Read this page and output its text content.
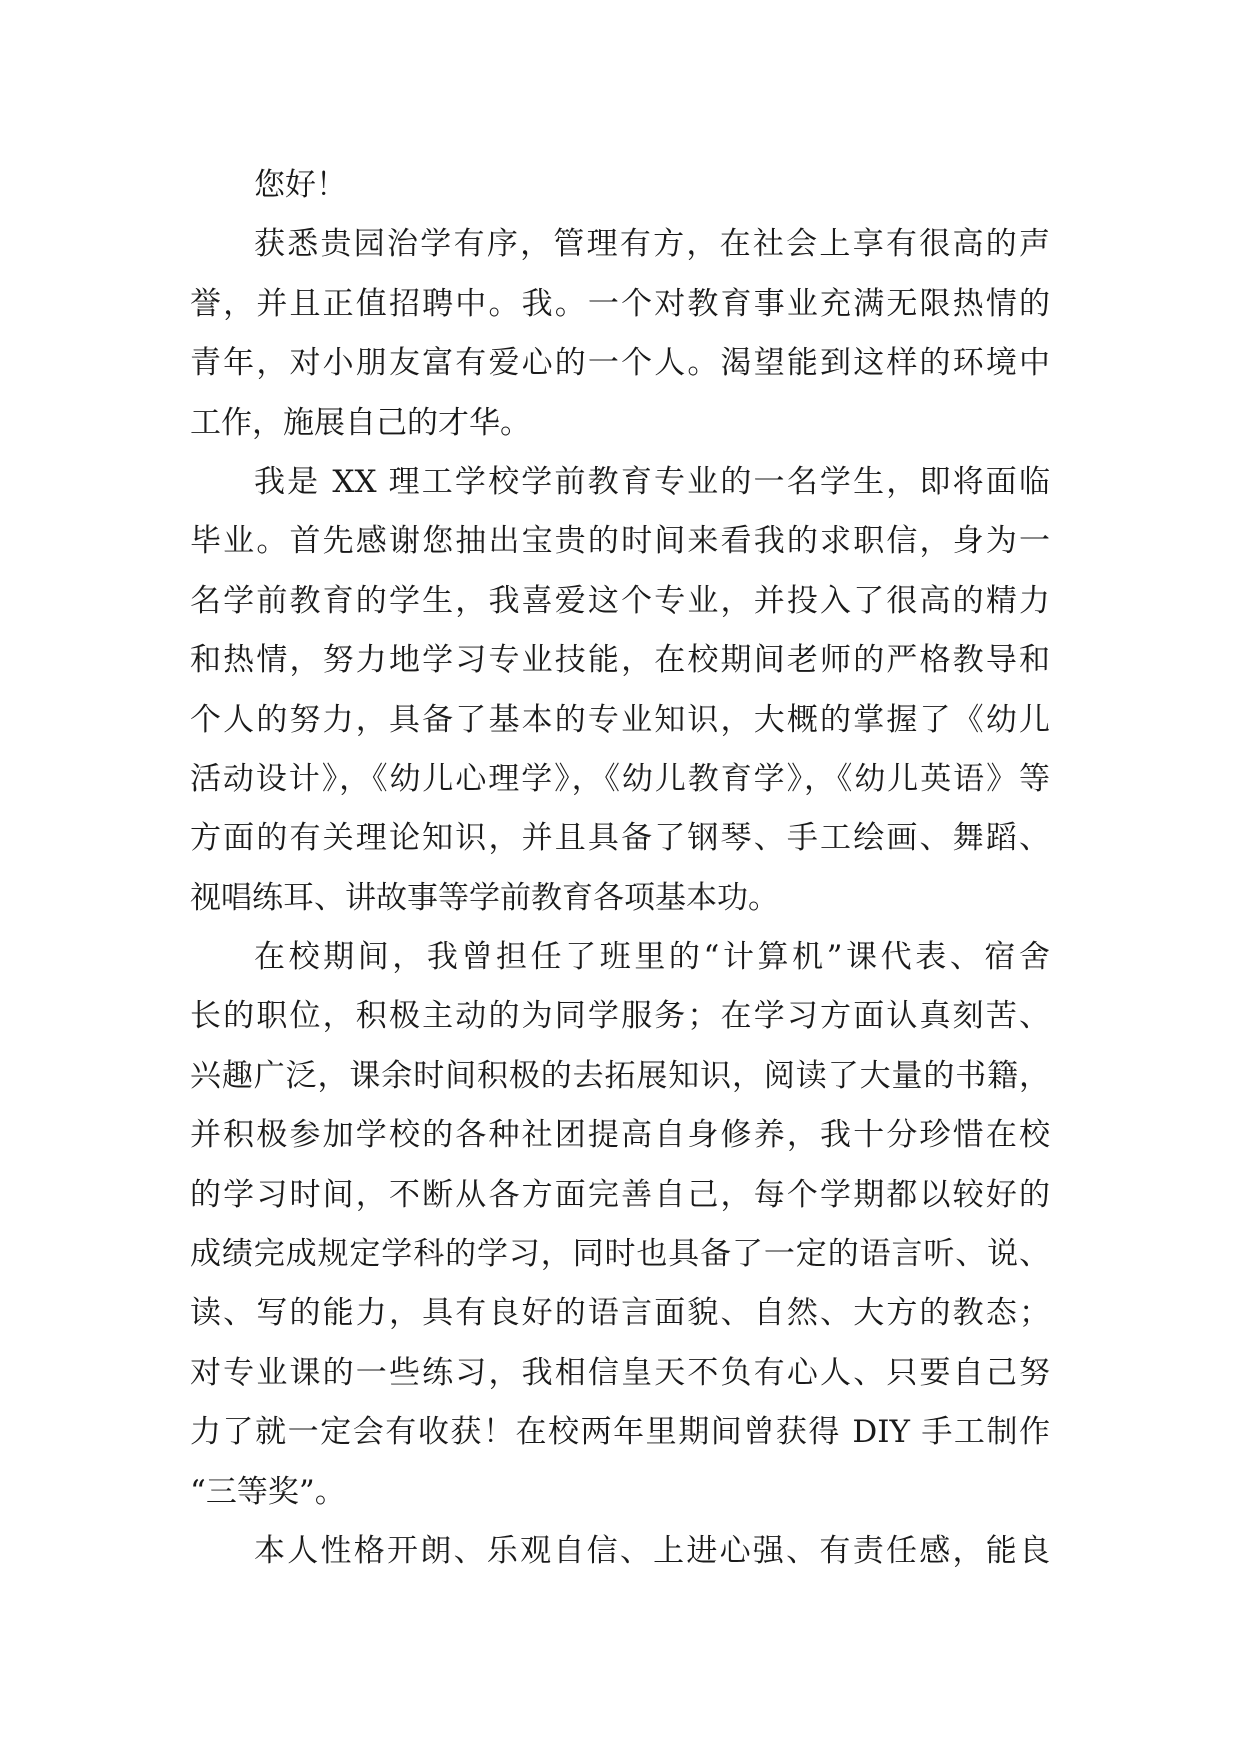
您好！
获悉贵园治学有序，管理有方，在社会上享有很高的声
誉，并且正值招聘中。我。一个对教育事业充满无限热情的
青年，对小朋友富有爱心的一个人。渴望能到这样的环境中
工作，施展自己的才华。
我是 XX 理工学校学前教育专业的一名学生，即将面临
毕业。首先感谢您抽出宝贵的时间来看我的求职信，身为一
名学前教育的学生，我喜爱这个专业，并投入了很高的精力
和热情，努力地学习专业技能，在校期间老师的严格教导和
个人的努力，具备了基本的专业知识，大概的掌握了《幼儿
活动设计》，《幼儿心理学》，《幼儿教育学》，《幼儿英语》等
方面的有关理论知识，并且具备了钢琴、手工绘画、舞蹈、
视唱练耳、讲故事等学前教育各项基本功。
在校期间，我曾担任了班里的“计算机”课代表、宿舍
长的职位，积极主动的为同学服务；在学习方面认真刻苦、
兴趣广泛，课余时间积极的去拓展知识，阅读了大量的书籍，
并积极参加学校的各种社团提高自身修养，我十分珍惜在校
的学习时间，不断从各方面完善自己，每个学期都以较好的
成绩完成规定学科的学习，同时也具备了一定的语言听、说、
读、写的能力，具有良好的语言面貌、自然、大方的教态；
对专业课的一些练习，我相信皇天不负有心人、只要自己努
力了就一定会有收获！在校两年里期间曾获得 DIY 手工制作
“三等奖”。
本人性格开朗、乐观自信、上进心强、有责任感，能良
